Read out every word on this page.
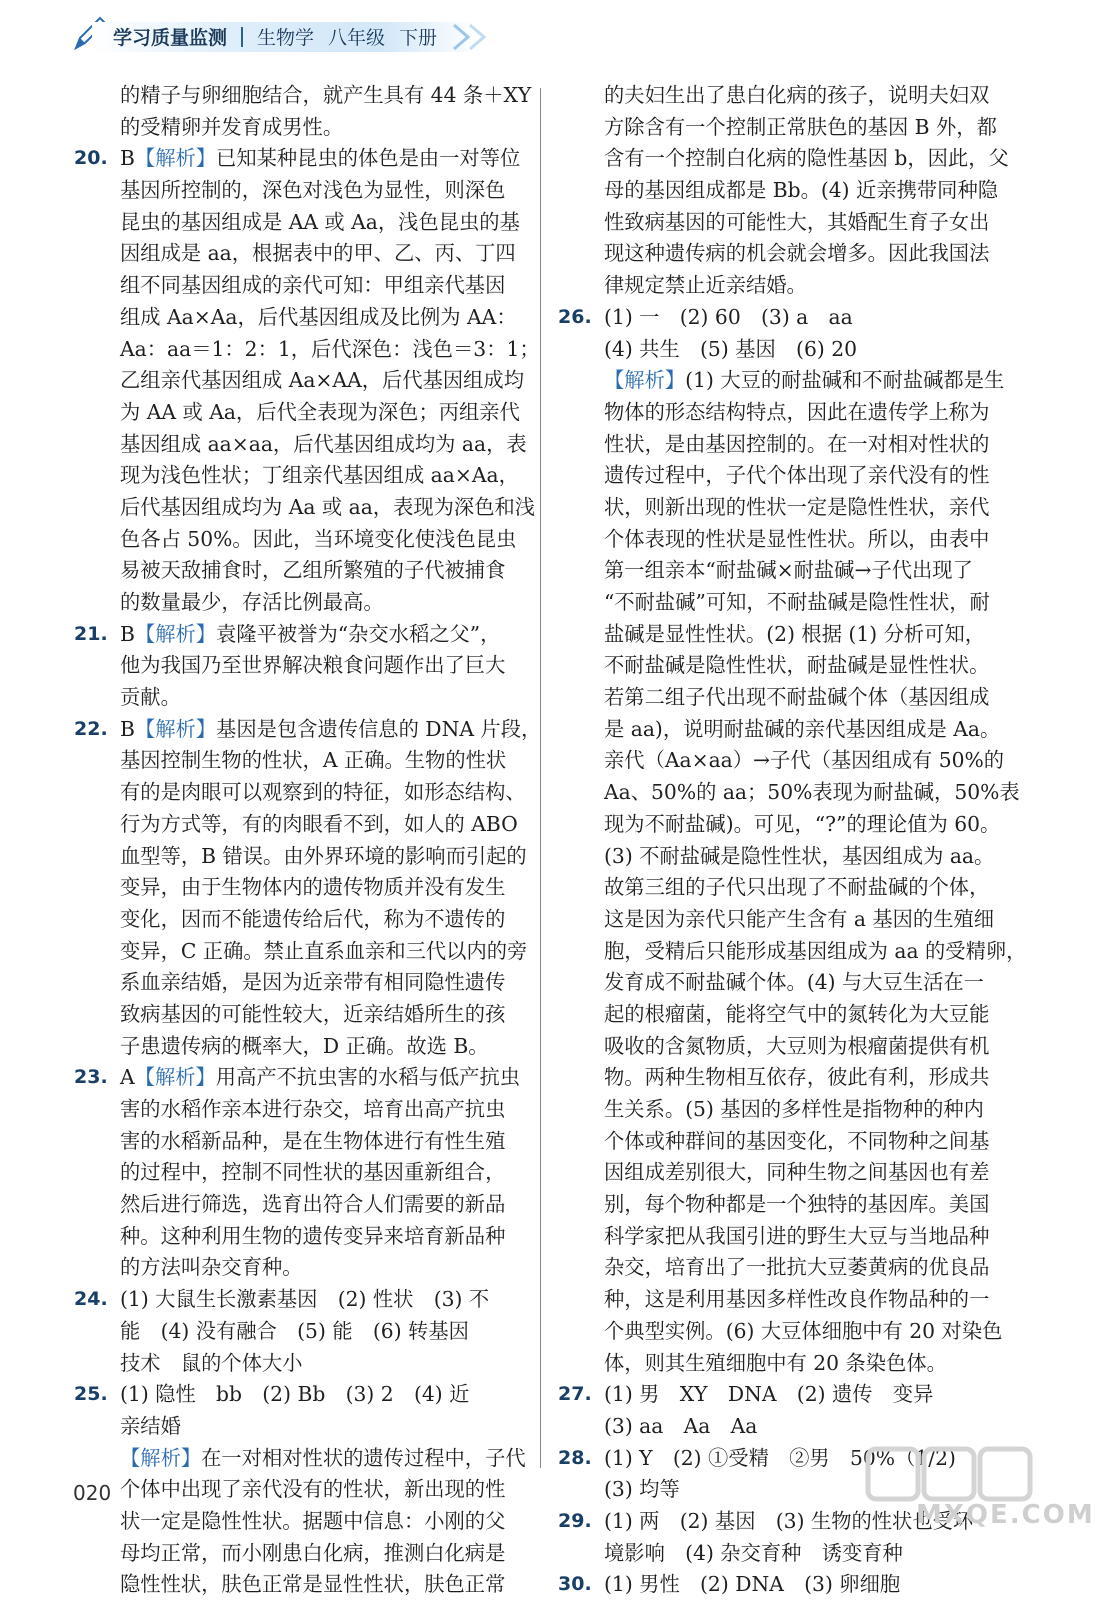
学习质量监测 生物学 八年级 下册
的精子与卵细胞结合，就产生具有 44 条＋XY
的受精卵并发育成男性。
20. B【解析】已知某种昆虫的体色是由一对等位
基因所控制的，深色对浅色为显性，则深色
昆虫的基因组成是 AA 或 Aa，浅色昆虫的基
因组成是 aa，根据表中的甲、乙、丙、丁四
组不同基因组成的亲代可知：甲组亲代基因
组成 Aa×Aa，后代基因组成及比例为 AA：
Aa：aa＝1：2：1，后代深色：浅色＝3：1；
乙组亲代基因组成 Aa×AA，后代基因组成均
为 AA 或 Aa，后代全表现为深色；丙组亲代
基因组成 aa×aa，后代基因组成均为 aa，表
现为浅色性状；丁组亲代基因组成 aa×Aa，
后代基因组成均为 Aa 或 aa，表现为深色和浅
色各占 50%。因此，当环境变化使浅色昆虫
易被天敌捕食时，乙组所繁殖的子代被捕食
的数量最少，存活比例最高。
21. B【解析】袁隆平被誉为“杂交水稻之父”，
他为我国乃至世界解决粮食问题作出了巨大
贡献。
22. B【解析】基因是包含遗传信息的 DNA 片段，
基因控制生物的性状，A 正确。生物的性状
有的是肉眼可以观察到的特征，如形态结构、
行为方式等，有的肉眼看不到，如人的 ABO
血型等，B 错误。由外界环境的影响而引起的
变异，由于生物体内的遗传物质并没有发生
变化，因而不能遗传给后代，称为不遗传的
变异，C 正确。禁止直系血亲和三代以内的旁
系血亲结婚，是因为近亲带有相同隐性遗传
致病基因的可能性较大，近亲结婚所生的孩
子患遗传病的概率大，D 正确。故选 B。
23. A【解析】用高产不抗虫害的水稻与低产抗虫
害的水稻作亲本进行杂交，培育出高产抗虫
害的水稻新品种，是在生物体进行有性生殖
的过程中，控制不同性状的基因重新组合，
然后进行筛选，选育出符合人们需要的新品
种。这种利用生物的遗传变异来培育新品种
的方法叫杂交育种。
24. (1) 大鼠生长激素基因　(2) 性状　(3) 不
能　(4) 没有融合　(5) 能　(6) 转基因
技术　鼠的个体大小
25. (1) 隐性　bb　(2) Bb　(3) 2　(4) 近
亲结婚
【解析】在一对相对性状的遗传过程中，子代
个体中出现了亲代没有的性状，新出现的性
状一定是隐性性状。据题中信息：小刚的父
母均正常，而小刚患白化病，推测白化病是
隐性性状，肤色正常是显性性状，肤色正常
的夫妇生出了患白化病的孩子，说明夫妇双
方除含有一个控制正常肤色的基因 B 外，都
含有一个控制白化病的隐性基因 b，因此，父
母的基因组成都是 Bb。(4) 近亲携带同种隐
性致病基因的可能性大，其婚配生育子女出
现这种遗传病的机会就会增多。因此我国法
律规定禁止近亲结婚。
26. (1) 一　(2) 60　(3) a　aa
(4) 共生　(5) 基因　(6) 20
【解析】(1) 大豆的耐盐碱和不耐盐碱都是生
物体的形态结构特点，因此在遗传学上称为
性状，是由基因控制的。在一对相对性状的
遗传过程中，子代个体出现了亲代没有的性
状，则新出现的性状一定是隐性性状，亲代
个体表现的性状是显性性状。所以，由表中
第一组亲本“耐盐碱×耐盐碱→子代出现了
“不耐盐碱”可知，不耐盐碱是隐性性状，耐
盐碱是显性性状。(2) 根据 (1) 分析可知，
不耐盐碱是隐性性状，耐盐碱是显性性状。
若第二组子代出现不耐盐碱个体（基因组成
是 aa)，说明耐盐碱的亲代基因组成是 Aa。
亲代（Aa×aa）→子代（基因组成有 50%的
Aa、50%的 aa；50%表现为耐盐碱，50%表
现为不耐盐碱)。可见，“?”的理论值为 60。
(3) 不耐盐碱是隐性性状，基因组成为 aa。
故第三组的子代只出现了不耐盐碱的个体，
这是因为亲代只能产生含有 a 基因的生殖细
胞，受精后只能形成基因组成为 aa 的受精卵，
发育成不耐盐碱个体。(4) 与大豆生活在一
起的根瘤菌，能将空气中的氮转化为大豆能
吸收的含氮物质，大豆则为根瘤菌提供有机
物。两种生物相互依存，彼此有利，形成共
生关系。(5) 基因的多样性是指物种的种内
个体或种群间的基因变化，不同物种之间基
因组成差别很大，同种生物之间基因也有差
别，每个物种都是一个独特的基因库。美国
科学家把从我国引进的野生大豆与当地品种
杂交，培育出了一批抗大豆萎黄病的优良品
种，这是利用基因多样性改良作物品种的一
个典型实例。(6) 大豆体细胞中有 20 对染色
体，则其生殖细胞中有 20 条染色体。
27. (1) 男　XY　DNA　(2) 遗传　变异
(3) aa　Aa　Aa
28. (1) Y　(2) ①受精　②男　50%（1/2)
(3) 均等
29. (1) 两　(2) 基因　(3) 生物的性状也受环
境影响　(4) 杂交育种　诱变育种
30. (1) 男性　(2) DNA　(3) 卵细胞
020
MXQE.COM
